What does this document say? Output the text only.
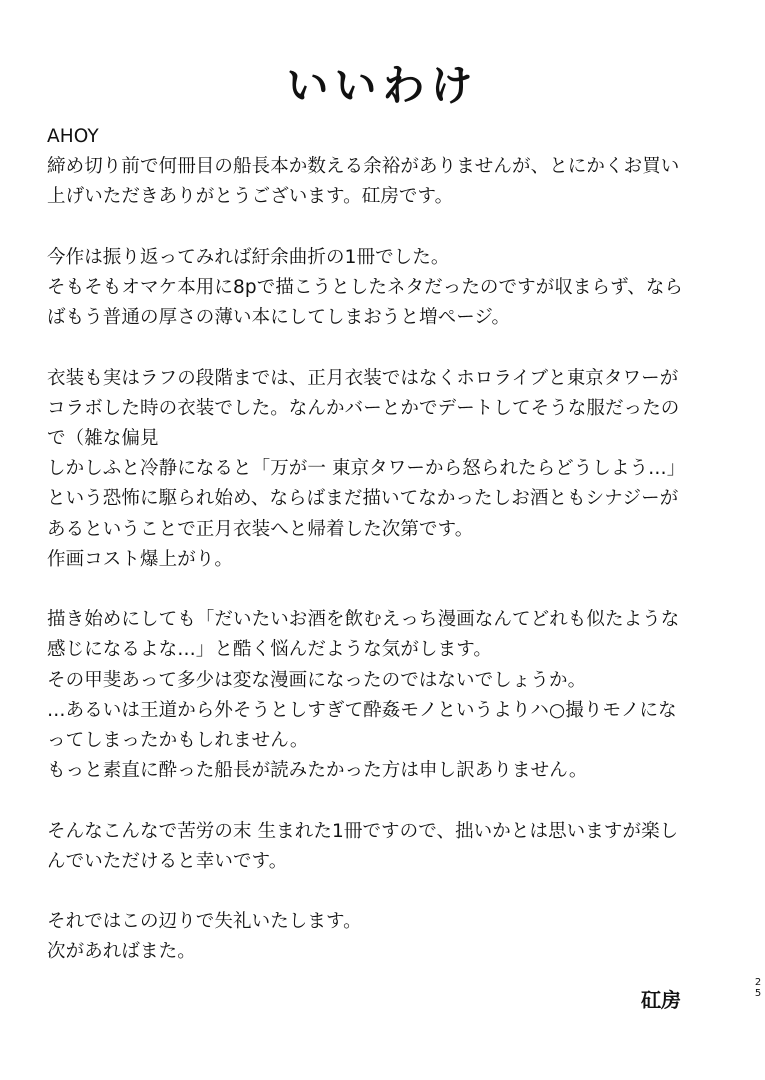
いいわけ

AHOY
締め切り前で何冊目の船長本か数える余裕がありませんが、とにかくお買い
上げいただきありがとうございます。矼房です。

今作は振り返ってみれば紆余曲折の1冊でした。
そもそもオマケ本用に8pで描こうとしたネタだったのですが収まらず、なら
ばもう普通の厚さの薄い本にしてしまおうと増ページ。

衣装も実はラフの段階までは、正月衣装ではなくホロライブと東京タワーが
コラボした時の衣装でした。なんかバーとかでデートしてそうな服だったの
で（雑な偏見
しかしふと冷静になると「万が一 東京タワーから怒られたらどうしよう…」
という恐怖に駆られ始め、ならばまだ描いてなかったしお酒ともシナジーが
あるということで正月衣装へと帰着した次第です。
作画コスト爆上がり。

描き始めにしても「だいたいお酒を飲むえっち漫画なんてどれも似たような
感じになるよな…」と酷く悩んだような気がします。
その甲斐あって多少は変な漫画になったのではないでしょうか。
…あるいは王道から外そうとしすぎて酔姦モノというよりハ○撮りモノにな
ってしまったかもしれません。
もっと素直に酔った船長が読みたかった方は申し訳ありません。

そんなこんなで苦労の末 生まれた1冊ですので、拙いかとは思いますが楽し
んでいただけると幸いです。

それではこの辺りで失礼いたします。
次があればまた。

矼房
2
5
